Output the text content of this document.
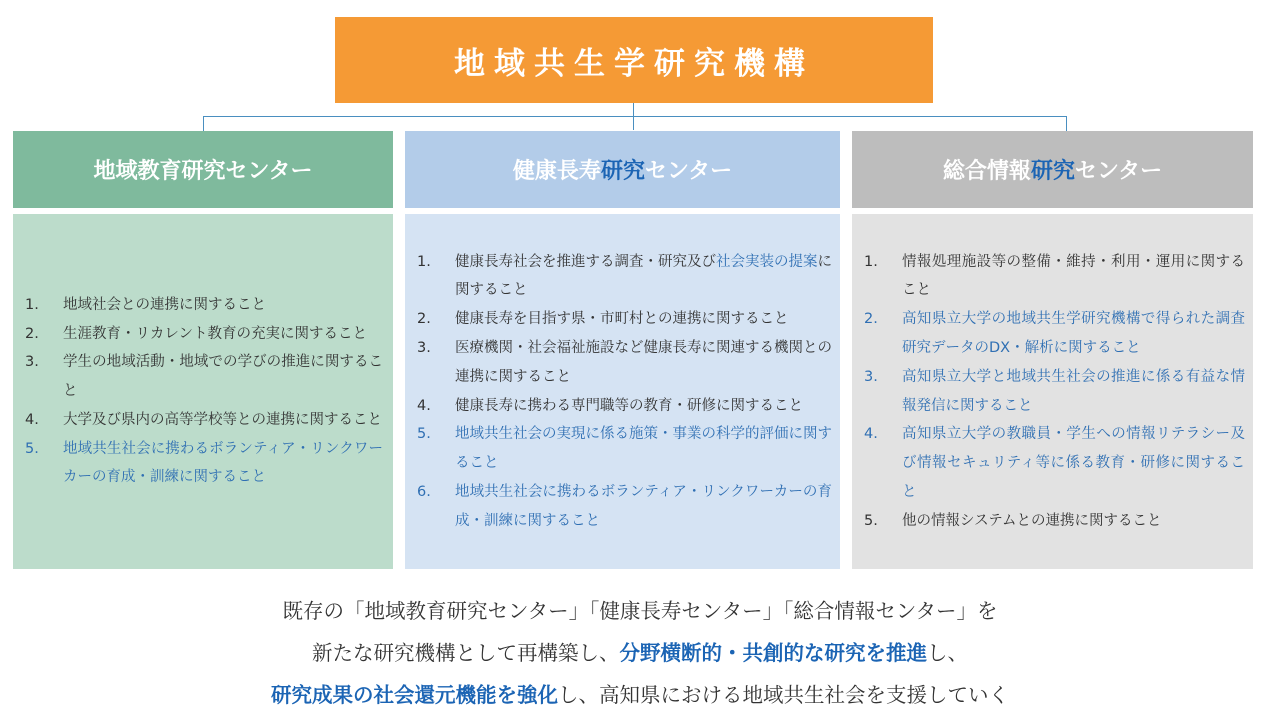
地域共生学研究機構
地域教育研究センター
1.	地域社会との連携に関すること
2.	生涯教育・リカレント教育の充実に関すること
3.	学生の地域活動・地域での学びの推進に関すること
4.	大学及び県内の高等学校等との連携に関すること
5.	地域共生社会に携わるボランティア・リンクワーカーの育成・訓練に関すること
健康長寿研究センター
1.	健康長寿社会を推進する調査・研究及び社会実装の提案に関すること
2.	健康長寿を目指す県・市町村との連携に関すること
3.	医療機関・社会福祉施設など健康長寿に関連する機関との連携に関すること
4.	健康長寿に携わる専門職等の教育・研修に関すること
5.	地域共生社会の実現に係る施策・事業の科学的評価に関すること
6.	地域共生社会に携わるボランティア・リンクワーカーの育成・訓練に関すること
総合情報研究センター
1.	情報処理施設等の整備・維持・利用・運用に関すること
2.	高知県立大学の地域共生学研究機構で得られた調査研究データのDX・解析に関すること
3.	高知県立大学と地域共生社会の推進に係る有益な情報発信に関すること
4.	高知県立大学の教職員・学生への情報リテラシー及び情報セキュリティ等に係る教育・研修に関すること
5.	他の情報システムとの連携に関すること
既存の「地域教育研究センター」「健康長寿センター」「総合情報センター」を
新たな研究機構として再構築し、分野横断的・共創的な研究を推進し、
研究成果の社会還元機能を強化し、高知県における地域共生社会を支援していく
